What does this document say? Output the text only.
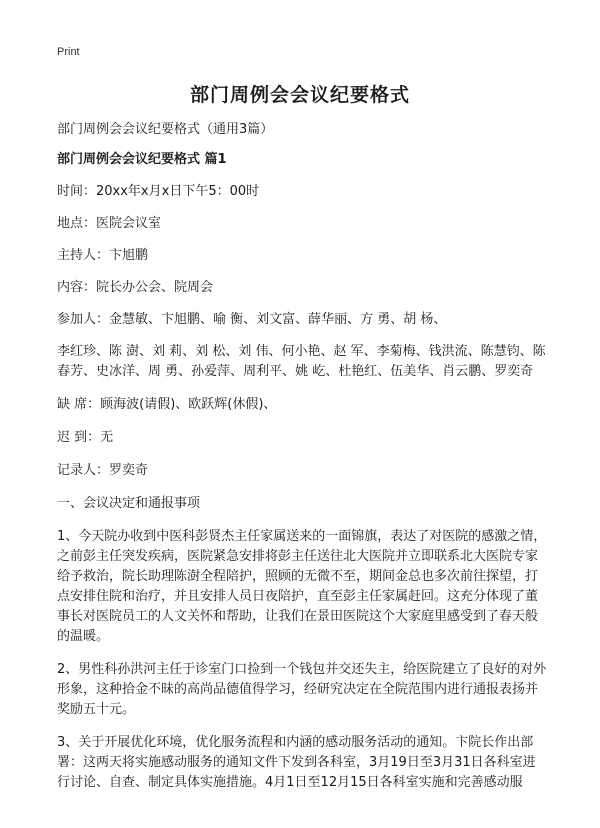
Print
部门周例会会议纪要格式

部门周例会会议纪要格式（通用3篇）

部门周例会会议纪要格式 篇1

时间：20xx年x月x日下午5：00时

地点：医院会议室

主持人：卞旭鹏

内容：院长办公会、院周会

参加人：金慧敏、卞旭鹏、喻 衡、刘文富、薛华丽、方 勇、胡 杨、

李红珍、陈 澍、刘 莉、刘 松、刘 伟、何小艳、赵 军、李菊梅、钱洪流、陈慧钧、陈春芳、史冰洋、周 勇、孙爱萍、周利平、姚 屹、杜艳红、伍美华、肖云鹏、罗奕奇

缺 席：顾海波(请假)、欧跃辉(休假)、

迟 到：无

记录人：罗奕奇

一、会议决定和通报事项

1、今天院办收到中医科彭贤杰主任家属送来的一面锦旗，表达了对医院的感激之情，之前彭主任突发疾病，医院紧急安排将彭主任送往北大医院并立即联系北大医院专家给予救治，院长助理陈澍全程陪护，照顾的无微不至，期间金总也多次前往探望，打点安排住院和治疗，并且安排人员日夜陪护，直至彭主任家属赶回。这充分体现了董事长对医院员工的人文关怀和帮助，让我们在景田医院这个大家庭里感受到了春天般的温暖。

2、男性科孙洪河主任于诊室门口捡到一个钱包并交还失主，给医院建立了良好的对外形象，这种拾金不昧的高尚品德值得学习，经研究决定在全院范围内进行通报表扬并奖励五十元。

3、关于开展优化环境，优化服务流程和内涵的感动服务活动的通知。卞院长作出部署：这两天将实施感动服务的通知文件下发到各科室，3月19日至3月31日各科室进行讨论、自查、制定具体实施措施。4月1日至12月15日各科室实施和完善感动服
